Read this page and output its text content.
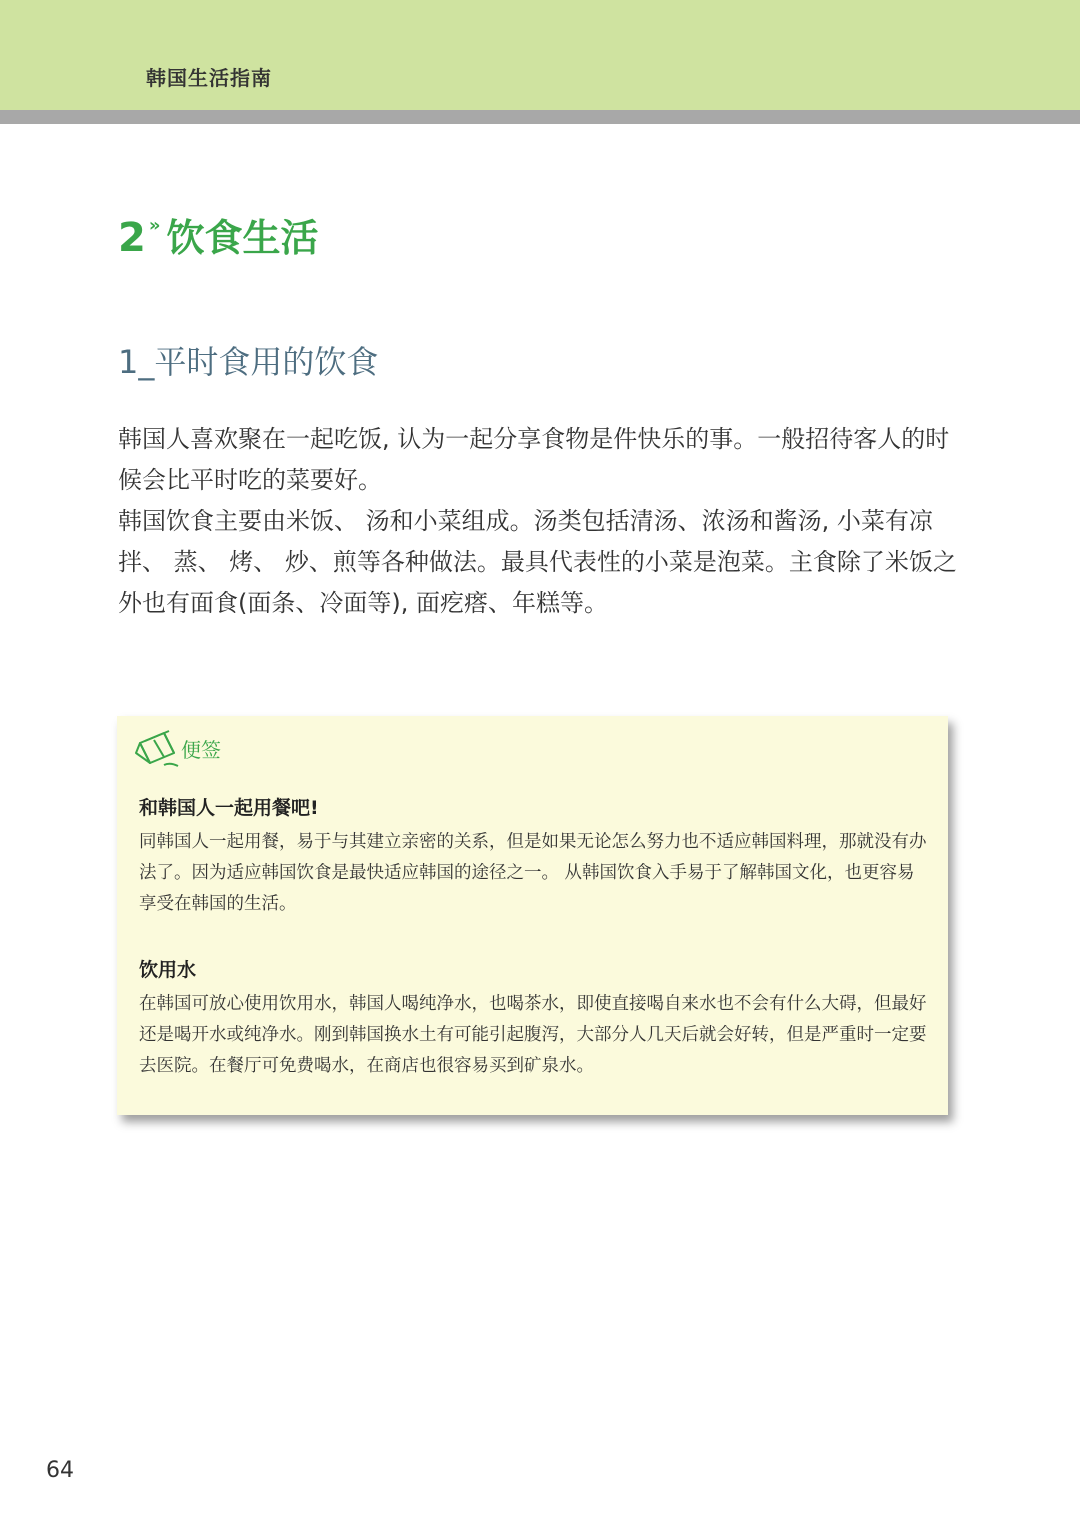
韩国生活指南
2 » 饮食生活
1_平时食用的饮食

韩国人喜欢聚在一起吃饭, 认为一起分享食物是件快乐的事。一般招待客人的时候会比平时吃的菜要好。

韩国饮食主要由米饭、 汤和小菜组成。汤类包括清汤、浓汤和酱汤, 小菜有凉拌、 蒸、 烤、 炒、煎等各种做法。最具代表性的小菜是泡菜。主食除了米饭之外也有面食(面条、冷面等), 面疙瘩、年糕等。

便签
和韩国人一起用餐吧!
同韩国人一起用餐，易于与其建立亲密的关系，但是如果无论怎么努力也不适应韩国料理，那就没有办法了。因为适应韩国饮食是最快适应韩国的途径之一。 从韩国饮食入手易于了解韩国文化，也更容易享受在韩国的生活。
饮用水
在韩国可放心使用饮用水，韩国人喝纯净水，也喝茶水，即使直接喝自来水也不会有什么大碍，但最好还是喝开水或纯净水。刚到韩国换水土有可能引起腹泻，大部分人几天后就会好转，但是严重时一定要去医院。在餐厅可免费喝水，在商店也很容易买到矿泉水。
64
